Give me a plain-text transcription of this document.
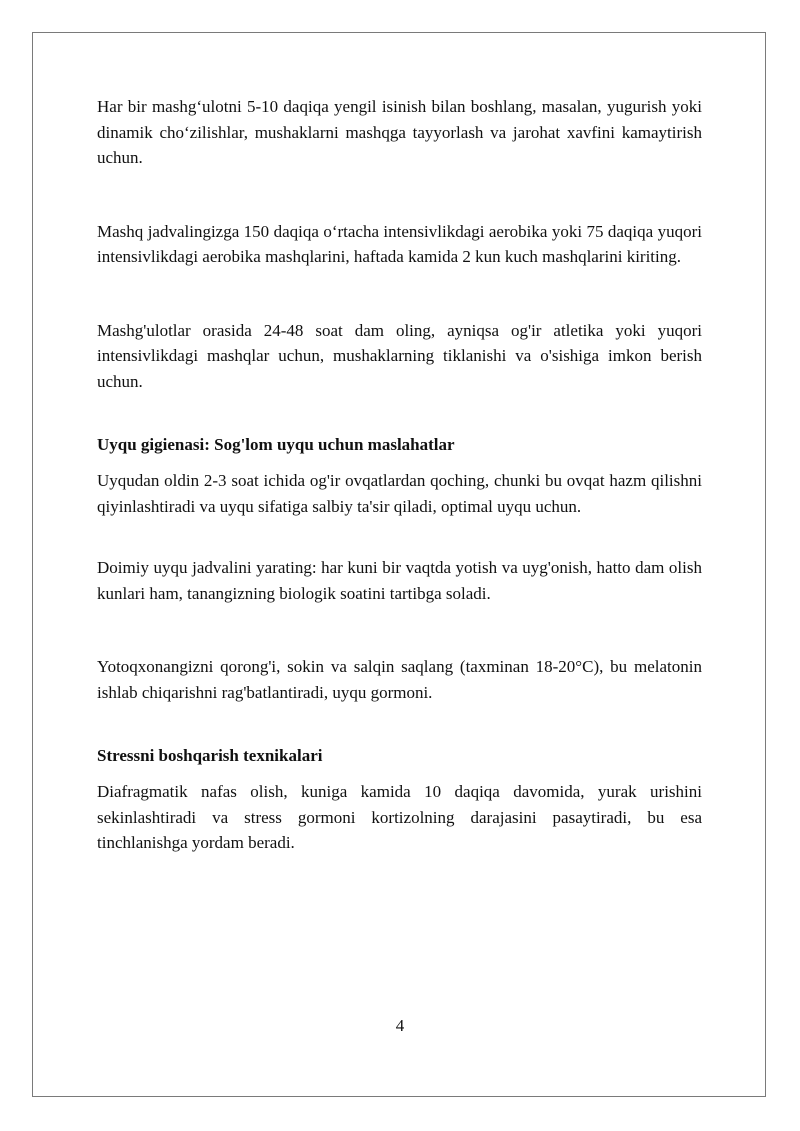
Har bir mashg‘ulotni 5-10 daqiqa yengil isinish bilan boshlang, masalan, yugurish yoki dinamik cho‘zilishlar, mushaklarni mashqga tayyorlash va jarohat xavfini kamaytirish uchun.

Mashq jadvalingizga 150 daqiqa o‘rtacha intensivlikdagi aerobika yoki 75 daqiqa yuqori intensivlikdagi aerobika mashqlarini, haftada kamida 2 kun kuch mashqlarini kiriting.

Mashg'ulotlar orasida 24-48 soat dam oling, ayniqsa og'ir atletika yoki yuqori intensivlikdagi mashqlar uchun, mushaklarning tiklanishi va o'sishiga imkon berish uchun.

Uyqu gigienasi: Sog'lom uyqu uchun maslahatlar

Uyqudan oldin 2-3 soat ichida og'ir ovqatlardan qoching, chunki bu ovqat hazm qilishni qiyinlashtiradi va uyqu sifatiga salbiy ta'sir qiladi, optimal uyqu uchun.

Doimiy uyqu jadvalini yarating: har kuni bir vaqtda yotish va uyg'onish, hatto dam olish kunlari ham, tanangizning biologik soatini tartibga soladi.

Yotoqxonangizni qorong'i, sokin va salqin saqlang (taxminan 18-20°C), bu melatonin ishlab chiqarishni rag'batlantiradi, uyqu gormoni.

Stressni boshqarish texnikalari

Diafragmatik nafas olish, kuniga kamida 10 daqiqa davomida, yurak urishini sekinlashtiradi va stress gormoni kortizolning darajasini pasaytiradi, bu esa tinchlanishga yordam beradi.

4
